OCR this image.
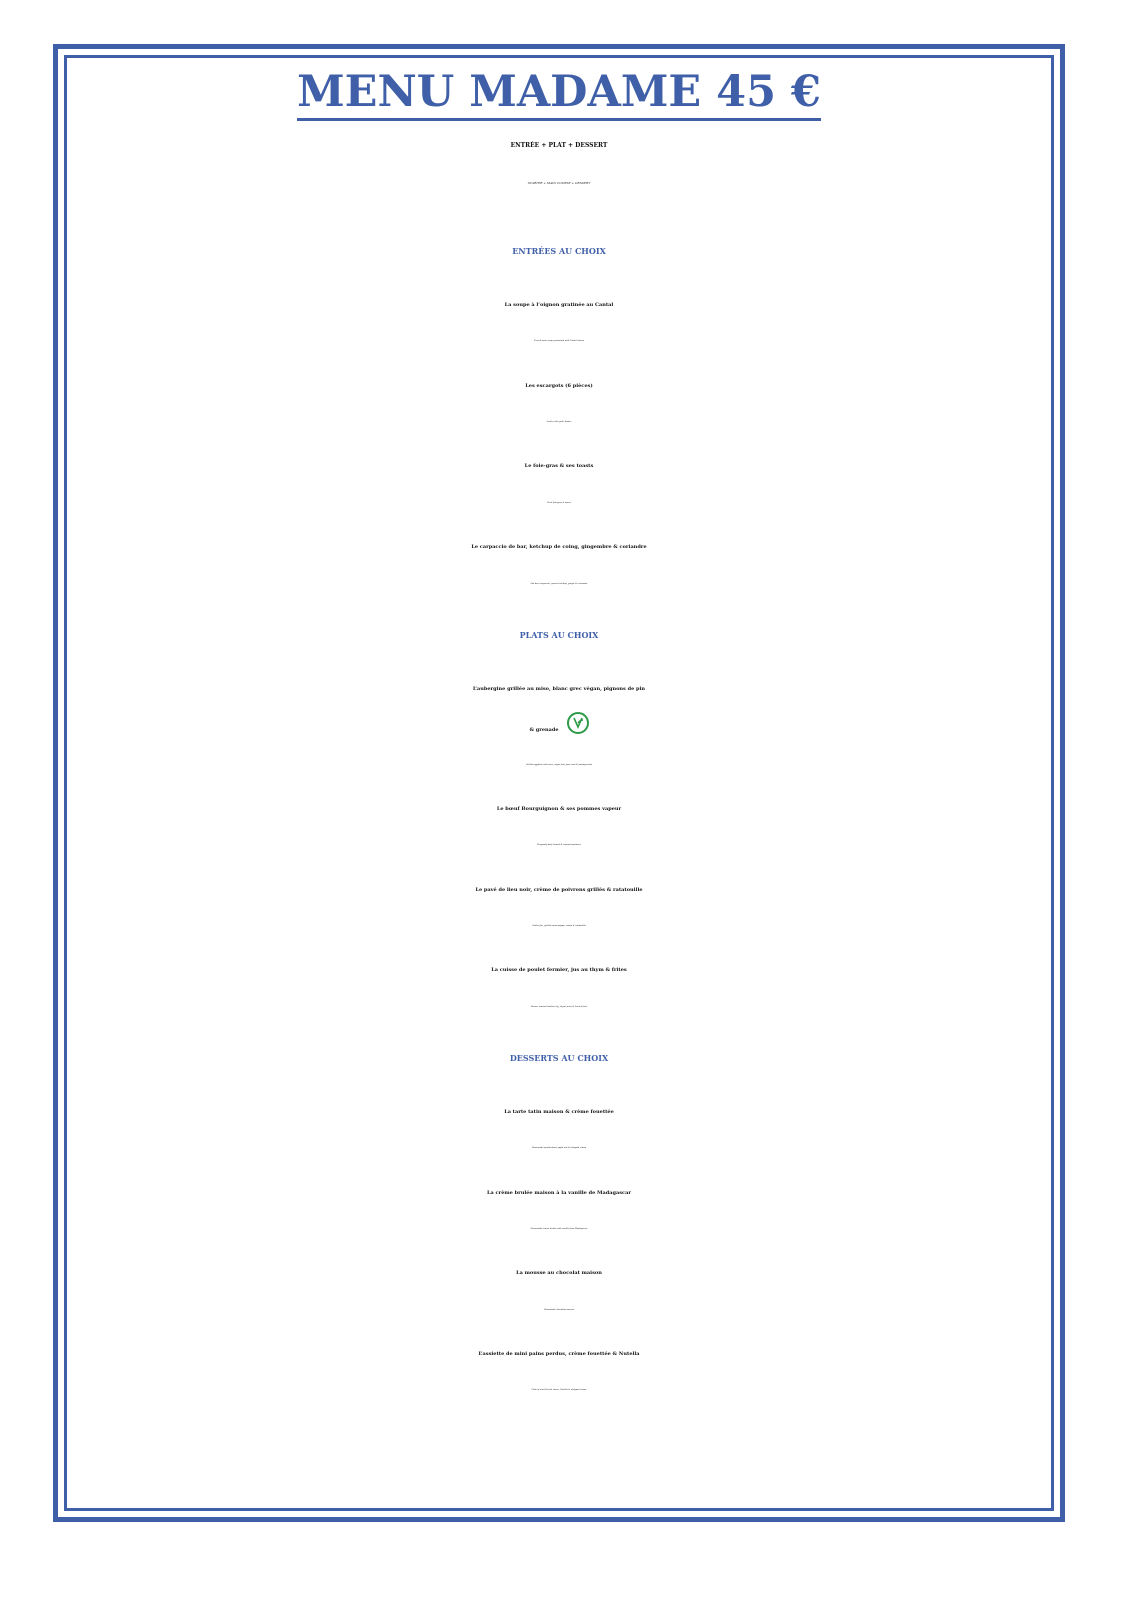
MENU MADAME 45 €
ENTRÉE + PLAT + DESSERT
STARTER + MAIN COURSE + DESSERT
ENTRÉES AU CHOIX
La soupe à l’oignon gratinée au Cantal
French onion soup gratinated with Cantal cheese
Les escargots (6 pièces)
Snails with garlic butter
Le foie-gras & ses toasts
Duck foie-gras & toasts
Le carpaccio de bar, ketchup de coing, gingembre & coriandre
Sea bass carpaccio, quince ketchup, ginger & coriander
PLATS AU CHOIX
L’aubergine grillée au miso, blanc grec végan, pignons de pin
& grenade
Grilled eggplant with miso, vegan feta, pine nuts & pomegranate
Le bœuf Bourguignon & ses pommes vapeur
Burgundy beef stewed & steamed potatoes
Le pavé de lieu noir, crème de poivrons grillés & ratatouille
Saithe fish, grilled sweet pepper cream & ratatouille
La cuisse de poulet fermier, jus au thym & frites
Farmer roasted chicken leg, thyme juice & French fries
DESSERTS AU CHOIX
La tarte tatin maison & crème fouettée
Homemade upside-down apple tart & whipped cream
La crème brulée maison à la vanille de Madagascar
Homemade crème brulée with vanilla from Madagascar
La mousse au chocolat maison
Homemade chocolate mousse
L’assiette de mini pains perdus, crème fouettée & Nutella
Plate of mini-French toasts, Nutella & whipped cream
